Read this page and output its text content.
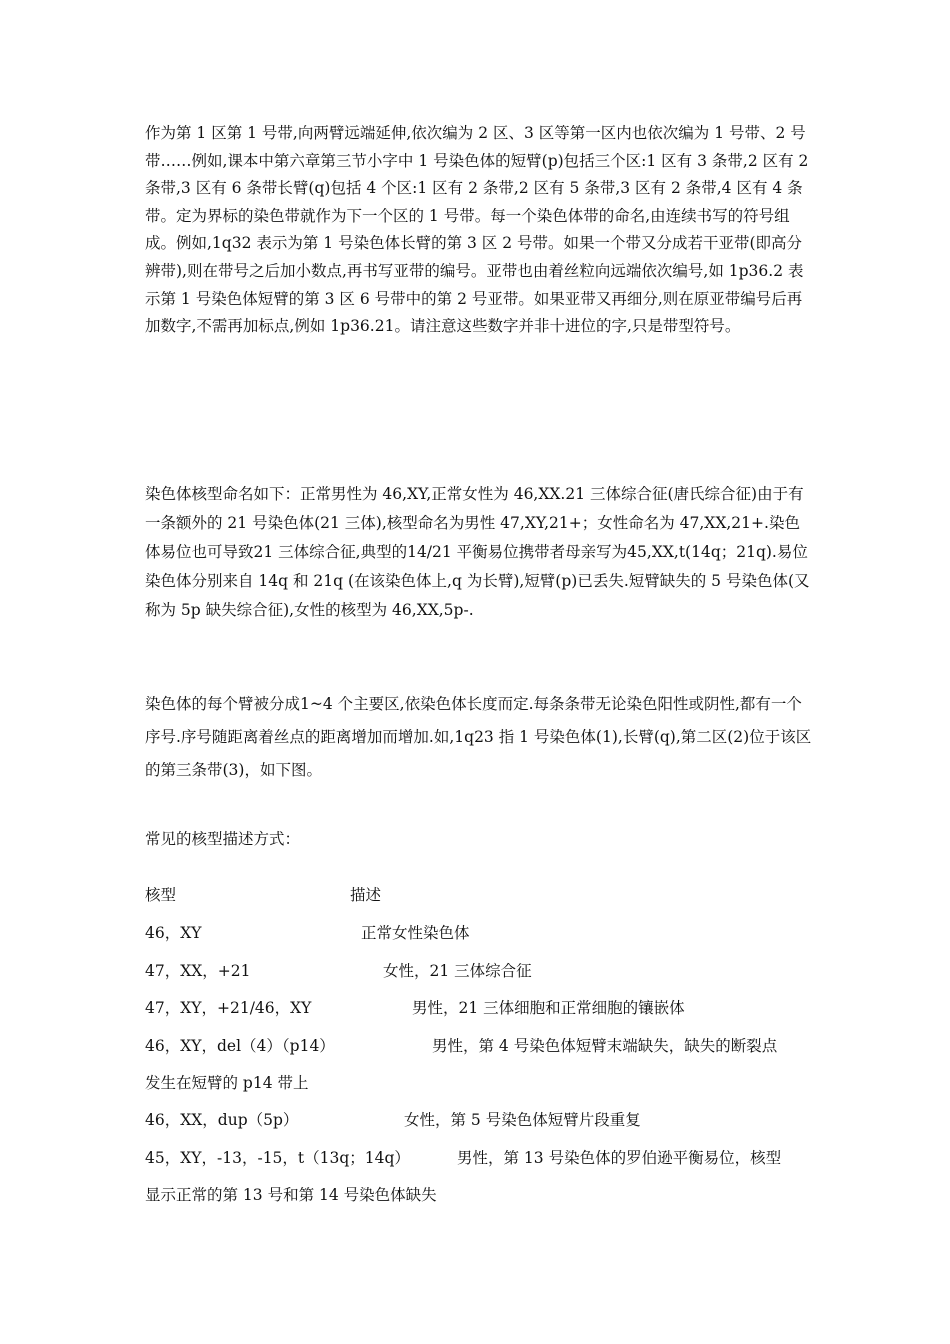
作为第 1 区第 1 号带,向两臂远端延伸,依次编为 2 区、3 区等第一区内也依次编为 1 号带、2 号带……例如,课本中第六章第三节小字中 1 号染色体的短臂(p)包括三个区:1 区有 3 条带,2 区有 2 条带,3 区有 6 条带长臂(q)包括 4 个区:1 区有 2 条带,2 区有 5 条带,3 区有 2 条带,4 区有 4 条带。定为界标的染色带就作为下一个区的 1 号带。每一个染色体带的命名,由连续书写的符号组成。例如,1q32 表示为第 1 号染色体长臂的第 3 区 2 号带。如果一个带又分成若干亚带(即高分辨带),则在带号之后加小数点,再书写亚带的编号。亚带也由着丝粒向远端依次编号,如 1p36.2 表示第 1 号染色体短臂的第 3 区 6 号带中的第 2 号亚带。如果亚带又再细分,则在原亚带编号后再加数字,不需再加标点,例如 1p36.21。请注意这些数字并非十进位的字,只是带型符号。

染色体核型命名如下：正常男性为 46,XY,正常女性为 46,XX.21 三体综合征(唐氏综合征)由于有一条额外的 21 号染色体(21 三体),核型命名为男性 47,XY,21+；女性命名为 47,XX,21+.染色体易位也可导致21 三体综合征,典型的14/21 平衡易位携带者母亲写为45,XX,t(14q；21q).易位染色体分别来自 14q 和 21q (在该染色体上,q 为长臂),短臂(p)已丢失.短臂缺失的 5 号染色体(又称为 5p 缺失综合征),女性的核型为 46,XX,5p-.

染色体的每个臂被分成1~4 个主要区,依染色体长度而定.每条条带无论染色阳性或阴性,都有一个序号.序号随距离着丝点的距离增加而增加.如,1q23 指 1 号染色体(1),长臂(q),第二区(2)位于该区的第三条带(3)，如下图。

常见的核型描述方式：

核型	描述
46，XY	正常女性染色体
47，XX，+21	女性，21 三体综合征
47，XY，+21/46，XY	男性，21 三体细胞和正常细胞的镶嵌体
46，XY，del（4）（p14）	男性，第 4 号染色体短臂末端缺失，缺失的断裂点
发生在短臂的 p14 带上
46，XX，dup（5p）	女性，第 5 号染色体短臂片段重复
45，XY，-13，-15，t（13q；14q）	男性，第 13 号染色体的罗伯逊平衡易位，核型
显示正常的第 13 号和第 14 号染色体缺失
